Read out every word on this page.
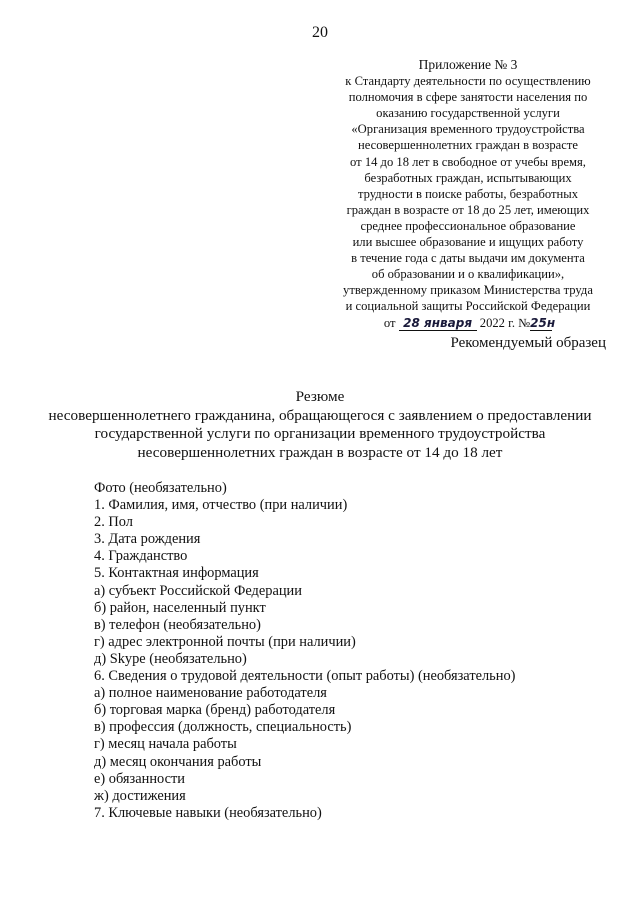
20
Приложение № 3
к Стандарту деятельности по осуществлению
полномочия в сфере занятости населения по
оказанию государственной услуги
«Организация временного трудоустройства
несовершеннолетних граждан в возрасте
от 14 до 18 лет в свободное от учебы время,
безработных граждан, испытывающих
трудности в поиске работы, безработных
граждан в возрасте от 18 до 25 лет, имеющих
среднее профессиональное образование
или высшее образование и ищущих работу
в течение года с даты выдачи им документа
об образовании и о квалификации»,
утвержденному приказом Министерства труда
и социальной защиты Российской Федерации
от 28 января 2022 г. №25н
Рекомендуемый образец
Резюме
несовершеннолетнего гражданина, обращающегося с заявлением о предоставлении
государственной услуги по организации временного трудоустройства
несовершеннолетних граждан в возрасте от 14 до 18 лет
Фото (необязательно)
1. Фамилия, имя, отчество (при наличии)
2. Пол
3. Дата рождения
4. Гражданство
5. Контактная информация
а) субъект Российской Федерации
б) район, населенный пункт
в) телефон (необязательно)
г) адрес электронной почты (при наличии)
д) Skype (необязательно)
6. Сведения о трудовой деятельности (опыт работы) (необязательно)
а) полное наименование работодателя
б) торговая марка (бренд) работодателя
в) профессия (должность, специальность)
г) месяц начала работы
д) месяц окончания работы
е) обязанности
ж) достижения
7. Ключевые навыки (необязательно)
